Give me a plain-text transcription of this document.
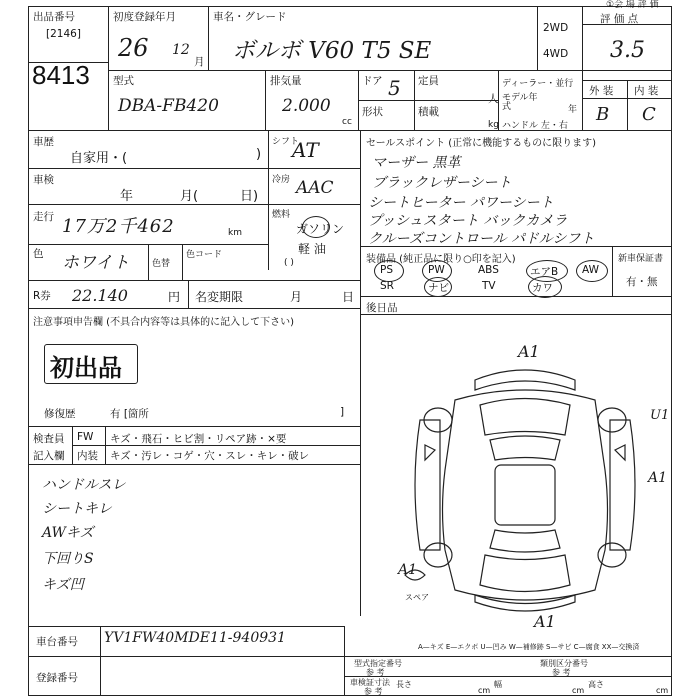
出品番号
[2146]
8413
初度登録年月
26 12
月
車名・グレード
ボルボ V60 T5 SE
2WD
4WD
①会 場 評 価
評 価 点
3.5
型式
DBA-FB420
排気量
2.000
cc
ドア 5 定員
人
形状	積載
kg
ディーラー・並行
モデル年式	年
ハンドル 左・右
外 装 内 装
B C
車歴
自家用・(	)
シフト
AT
車検
年	月(	日)
冷房 AAC
走行 17万2千462	km
燃料
ガソリン
軽 油
( )
色 ホワイト	色替
色コード
R券 22.140	円 名変期限	月	日
注意事項申告欄 (不具合内容等は具体的に記入して下さい)
初出品
修復歴	有 [箇所	]
検査員
記入欄
FW キズ・飛石・ヒビ割・リペア跡・×要
内装 キズ・汚レ・コゲ・穴・スレ・キレ・破レ
ハンドルスレ
シートキレ
AWキズ
下回りS
キズ凹
セールスポイント (正常に機能するものに限ります)
マーザー 黒革
ブラックレザーシート
シートヒーター パワーシート
プッシュスタート バックカメラ
クルーズコントロール パドルシフト
装備品 (純正品に限り○印を記入)	新車保証書
有・無
PS	PW	ABS	エアB AW
SR	ナビ	TV	カワ
後日品
A1
U1
A1
A1
A1
スペア
A—キズ E—エクボ U—凹み W—補修跡 S—サビ C—腐食 XX—交換済
車台番号 YV1FW40MDE11-940931
登録番号
型式指定番号
参 考
類別区分番号
参 考
車検証寸法
参 考
長さ
cm
幅
cm
高さ
cm
